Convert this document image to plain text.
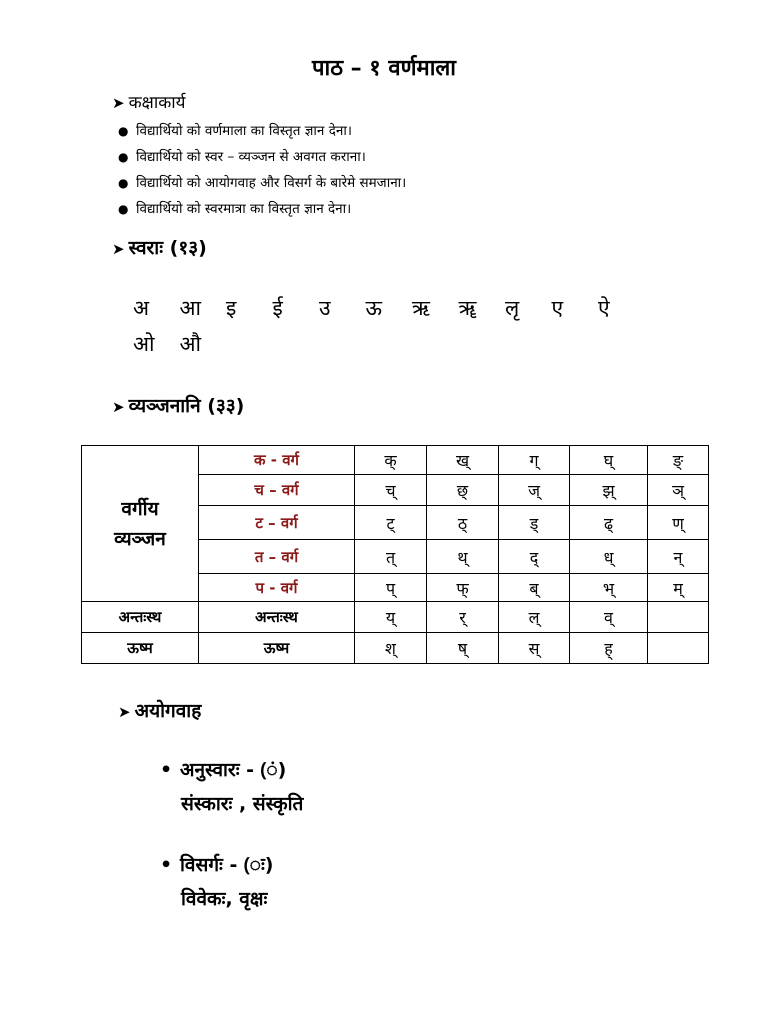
पाठ – १ वर्णमाला
➤ कक्षाकार्य
● विद्यार्थियो को वर्णमाला का विस्तृत ज्ञान देना।
● विद्यार्थियो को स्वर – व्यञ्जन से अवगत कराना।
● विद्यार्थियो को आयोगवाह और विसर्ग के बारेमे समजाना।
● विद्यार्थियो को स्वरमात्रा का विस्तृत ज्ञान देना।
➤ स्वराः (१३)
अ आ इ ई उ ऊ ऋ ॠ लृ ए ऐ
ओ औ
➤ व्यञ्जनानि (३३)
वर्गीय
व्यञ्जन	क - वर्ग	क्	ख्	ग्	घ्	ङ्
	च – वर्ग	च्	छ्	ज्	झ्	ञ्
	ट – वर्ग	ट्	ठ्	ड्	ढ्	ण्
	त – वर्ग	त्	थ्	द्	ध्	न्
	प - वर्ग	प्	फ्	ब्	भ्	म्
अन्तःस्थ	अन्तःस्थ	य्	र्	ल्	व्	
ऊष्म	ऊष्म	श्	ष्	स्	ह्	
➤ अयोगवाह
• अनुस्वारः - (ं)
संस्कारः , संस्कृति
• विसर्गः - (ः)
विवेकः, वृक्षः
